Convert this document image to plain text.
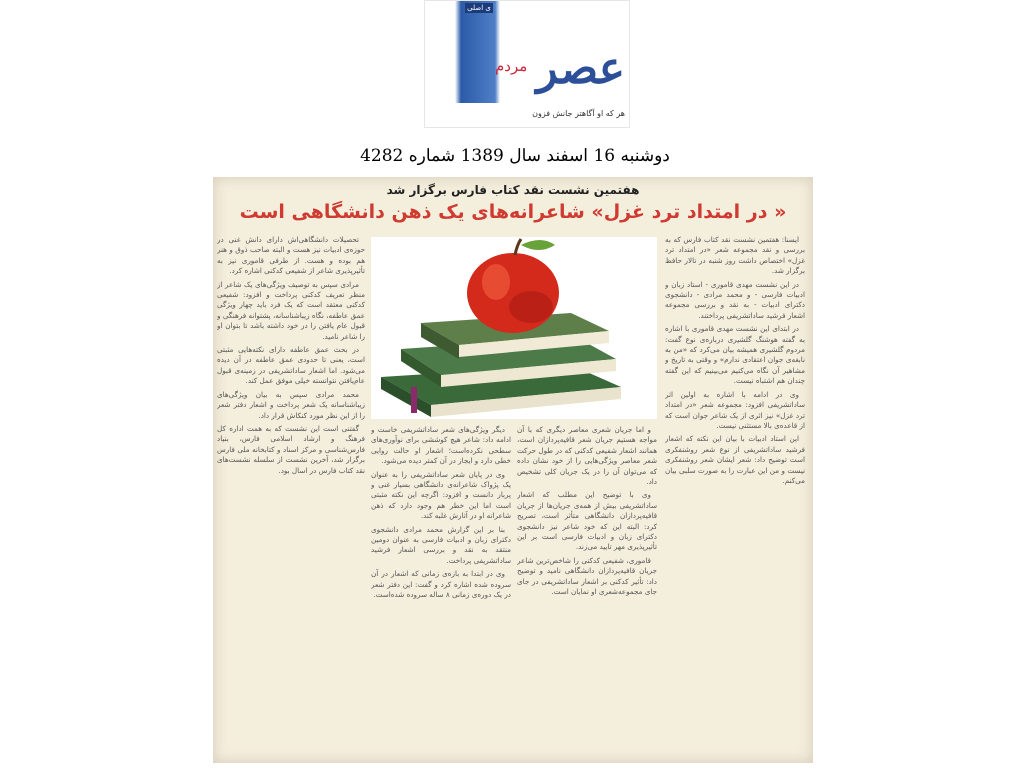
ی اصلی
عصر
مردم
هر که او آگاهتر جانش فزون
دوشنبه 16 اسفند سال 1389 شماره 4282
هفتمین نشست نقد کتاب فارس برگزار شد
« در امتداد ترد غزل» شاعرانه‌های یک ذهن دانشگاهی است

ایسنا: هفتمین نشست نقد کتاب فارس که به بررسی و نقد مجموعه شعر «در امتداد ترد غزل» اختصاص داشت روز شنبه در تالار حافظ برگزار شد.

در این نشست مهدی قاموری - استاد زبان و ادبیات فارسی - و محمد مرادی - دانشجوی دکترای ادبیات - به نقد و بررسی مجموعه اشعار فرشید ساداتشریفی پرداختند.

در ابتدای این نشست مهدی قاموری با اشاره به گفته هوشنگ گلشیری درباره‌ی نوع گفت: مردوم گلشیری همیشه بیان می‌کرد که «من به نابغه‌ی جوان اعتقادی ندارم» و وقتی به تاریخ و مشاهیر آن نگاه می‌کنیم می‌بینیم که این گفته چندان هم اشتباه نیست.

وی در ادامه با اشاره به اولین اثر ساداتشریفی افزود: مجموعه شعر «در امتداد ترد غزل» نیز اثری از یک شاعر جوان است که از قاعده‌ی بالا مستثنی نیست.

این استاد ادبیات با بیان این نکته که اشعار فرشید ساداتشریفی از نوع شعر روشنفکری است توضیح داد: شعر ایشان شعر روشنفکری نیست و من این عبارت را به صورت سلبی بیان می‌کنم.

و اما جریان شعری معاصر دیگری که با آن مواجه هستیم جریان شعر قافیه‌پردازان است، همانند اشعار شفیعی کدکنی که در طول حرکت شعر معاصر ویژگی‌هایی را از خود نشان داده که می‌توان آن را در یک جریان کلی تشخیص داد.

وی با توضیح این مطلب که اشعار ساداتشریفی بیش از همه‌ی جریان‌ها از جریان قافیه‌پردازان دانشگاهی متأثر است، تصریح کرد: البته این که خود شاعر نیز دانشجوی دکترای زبان و ادبیات فارسی است بر این تأثیرپذیری مهر تایید می‌زند.

قاموری، شفیعی کدکنی را شاخص‌ترین شاعر جریان قافیه‌پردازان دانشگاهی نامید و توضیح داد: تأثیر کدکنی بر اشعار ساداتشریفی در جای جای مجموعه‌شعری او نمایان است.

دیگر ویژگی‌های شعر ساداتشریفی خاست و ادامه داد: شاعر هیچ کوششی برای نوآوری‌های سطحی نکرده‌است؛ اشعار او حالت روایی خطی دارد و ایجاز در آن کمتر دیده می‌شود.

وی در پایان شعر ساداتشریفی را به عنوان یک پژواک شاعرانه‌ی دانشگاهی بسیار غنی و پربار دانست و افزود: اگرچه این نکته مثبتی است اما این خطر هم وجود دارد که ذهن شاعرانه او در آثارش غلبه کند.

بنا بر این گزارش محمد مرادی دانشجوی دکترای زبان و ادبیات فارسی به عنوان دومین منتقد به نقد و بررسی اشعار فرشید ساداتشریفی پرداخت.

وی در ابتدا به بازه‌ی زمانی که اشعار در آن سروده شده اشاره کرد و گفت: این دفتر شعر در یک دوره‌ی زمانی ۸ ساله سروده شده‌است.

تحصیلات دانشگاهی‌اش دارای دانش غنی در حوزه‌ی ادبیات نیز هست و البته صاحب ذوق و هنر هم بوده و هست. از طرفی قاموری نیز به تأثیرپذیری شاعر از شفیعی کدکنی اشاره کرد.

مرادی سپس به توصیف ویژگی‌های یک شاعر از منظر تعریف کدکنی پرداخت و افزود: شفیعی کدکنی معتقد است که یک فرد باید چهار ویژگی عمق عاطفه، نگاه زیباشناسانه، پشتوانه فرهنگی و قبول عام یافتن را در خود داشته باشد تا بتوان او را شاعر نامید.

در بحث عمق عاطفه دارای نکته‌هایی مثبتی است، یعنی تا حدودی عمق عاطفه در آن دیده می‌شود. اما اشعار ساداتشریفی در زمینه‌ی قبول عام‌یافتن نتوانسته خیلی موفق عمل کند.

محمد مرادی سپس به بیان ویژگی‌های زیباشناسانه یک شعر پرداخت و اشعار دفتر شعر را از این نظر مورد کنکاش قرار داد.

گفتنی است این نشست که به همت اداره کل فرهنگ و ارشاد اسلامی فارس، بنیاد فارس‌شناسی و مرکز اسناد و کتابخانه ملی فارس برگزار شد، آخرین نشست از سلسله نشست‌های نقد کتاب فارس در اسال بود.
